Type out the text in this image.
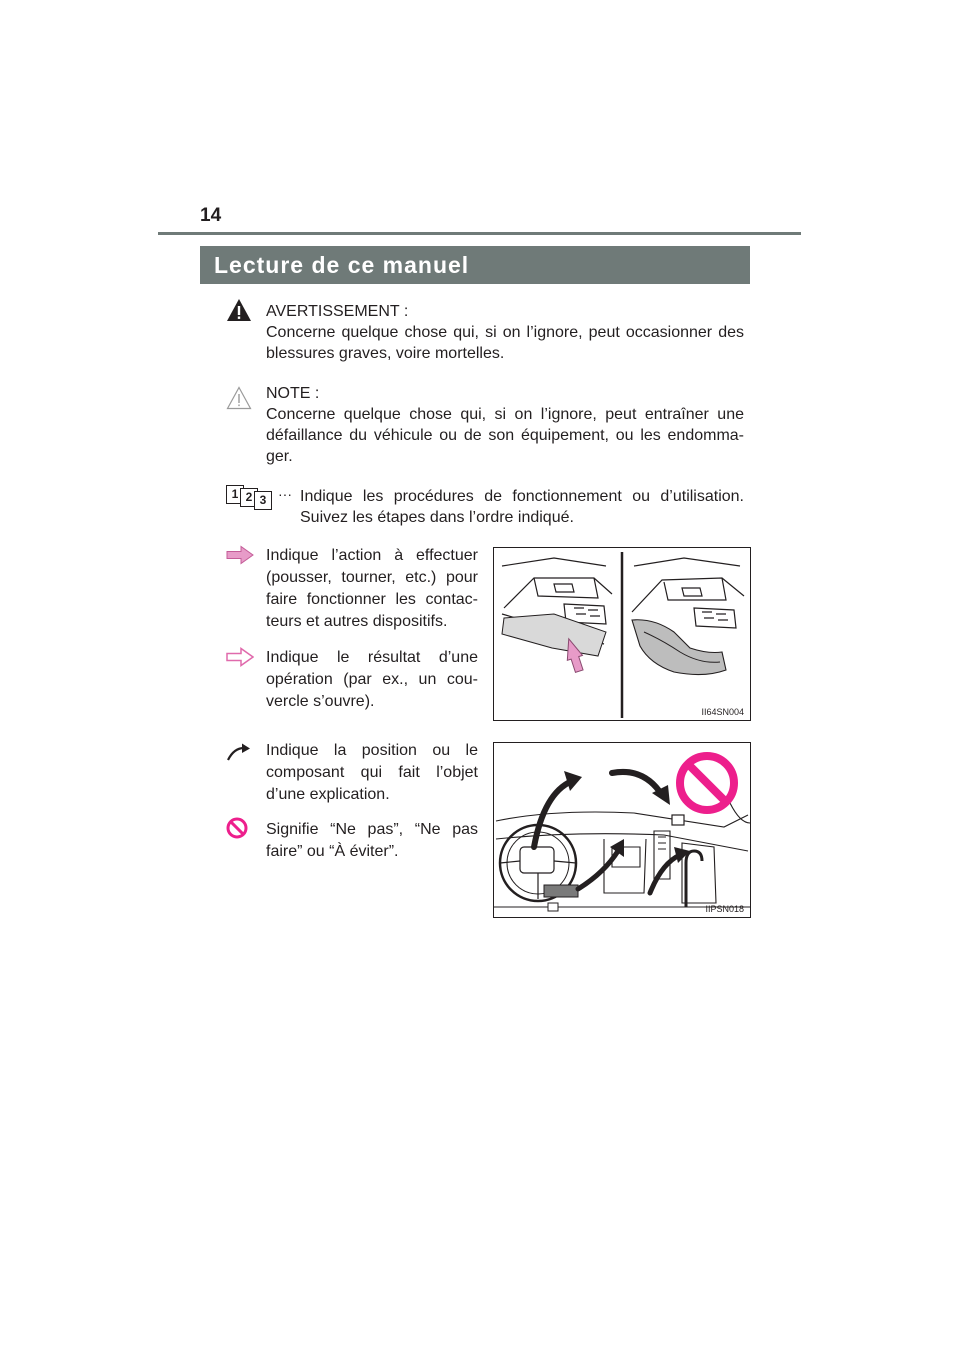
14
Lecture de ce manuel

AVERTISSEMENT :

Concerne quelque chose qui, si on l’ignore, peut occasionner des blessures graves, voire mortelles.

NOTE :

Concerne quelque chose qui, si on l’ignore, peut entraîner une défaillance du véhicule ou de son équipement, ou les endomma-ger.

1 2 3 ··· Indique les procédures de fonctionnement ou d’utilisation. Suivez les étapes dans l’ordre indiqué.
Indique l’action à effectuer (pousser, tourner, etc.) pour faire fonctionner les contac-teurs et autres dispositifs.
Indique le résultat d’une opération (par ex., un cou-vercle s’ouvre).
Indique la position ou le composant qui fait l’objet d’une explication.
Signifie “Ne pas”, “Ne pas faire” ou “À éviter”.
II64SN004
IIPSN018
